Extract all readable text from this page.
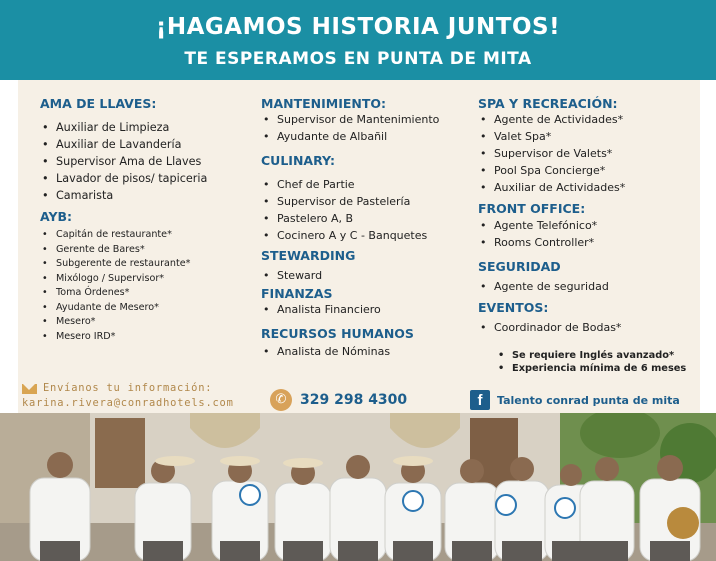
¡HAGAMOS HISTORIA JUNTOS!
TE ESPERAMOS EN PUNTA DE MITA
AMA DE LLAVES:
• Auxiliar de Limpieza
• Auxiliar de Lavandería
• Supervisor Ama de Llaves
• Lavador de pisos/ tapiceria
• Camarista
AYB:
• Capitán de restaurante*
• Gerente de Bares*
• Subgerente de restaurante*
• Mixólogo / Supervisor*
• Toma Órdenes*
• Ayudante de Mesero*
• Mesero*
• Mesero IRD*
MANTENIMIENTO:
• Supervisor de Mantenimiento
• Ayudante de Albañil
CULINARY:
• Chef de Partie
• Supervisor de Pastelería
• Pastelero A, B
• Cocinero A y C - Banquetes
STEWARDING
• Steward
FINANZAS
• Analista Financiero
RECURSOS HUMANOS
• Analista de Nóminas
SPA Y RECREACIÓN:
• Agente de Actividades*
• Valet Spa*
• Supervisor de Valets*
• Pool Spa Concierge*
• Auxiliar de Actividades*
FRONT OFFICE:
• Agente Telefónico*
• Rooms Controller*
SEGURIDAD
• Agente de seguridad
EVENTOS:
• Coordinador de Bodas*
• Se requiere Inglés avanzado*
• Experiencia mínima de 6 meses
Envíanos tu información:
karina.rivera@conradhotels.com	✆ 329 298 4300	f	Talento conrad punta de mita
